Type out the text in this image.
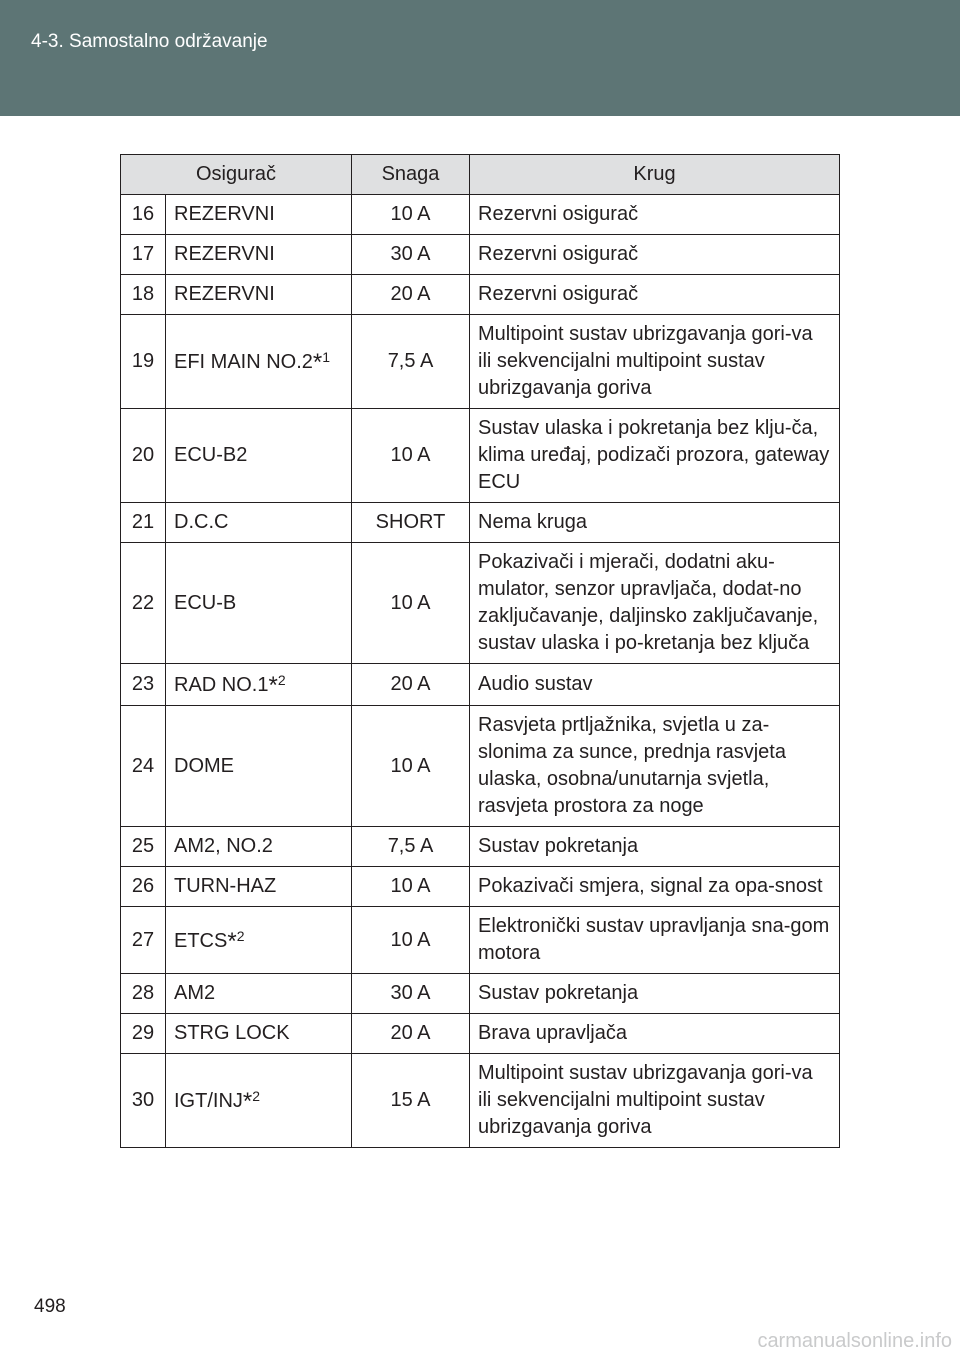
4-3. Samostalno održavanje
Osigurač		Snaga	Krug
16	REZERVNI	10 A	Rezervni osigurač
17	REZERVNI	30 A	Rezervni osigurač
18	REZERVNI	20 A	Rezervni osigurač
19	EFI MAIN NO.2*$^1$	7,5 A	Multipoint sustav ubrizgavanja gori-va ili sekvencijalni multipoint sustav ubrizgavanja goriva
20	ECU-B2	10 A	Sustav ulaska i pokretanja bez klju-ča, klima uređaj, podizači prozora, gateway ECU
21	D.C.C	SHORT	Nema kruga
22	ECU-B	10 A	Pokazivači i mjerači, dodatni aku-mulator, senzor upravljača, dodat-no zaključavanje, daljinsko zaključavanje, sustav ulaska i po-kretanja bez ključa
23	RAD NO.1*$^2$	20 A	Audio sustav
24	DOME	10 A	Rasvjeta prtljažnika, svjetla u za-slonima za sunce, prednja rasvjeta ulaska, osobna/unutarnja svjetla, rasvjeta prostora za noge
25	AM2, NO.2	7,5 A	Sustav pokretanja
26	TURN-HAZ	10 A	Pokazivači smjera, signal za opa-snost
27	ETCS*$^2$	10 A	Elektronički sustav upravljanja sna-gom motora
28	AM2	30 A	Sustav pokretanja
29	STRG LOCK	20 A	Brava upravljača
30	IGT/INJ*$^2$	15 A	Multipoint sustav ubrizgavanja gori-va ili sekvencijalni multipoint sustav ubrizgavanja goriva
498
carmanualsonline.info
